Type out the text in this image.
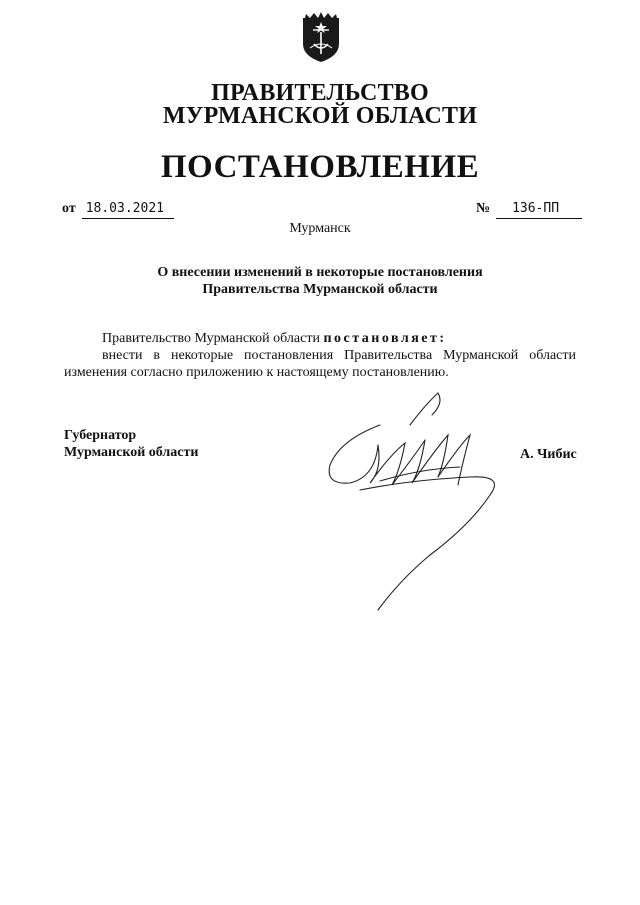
ПРАВИТЕЛЬСТВО
МУРМАНСКОЙ ОБЛАСТИ
ПОСТАНОВЛЕНИЕ
от 18.03.2021	№ 136-ПП
Мурманск
О внесении изменений в некоторые постановления
Правительства Мурманской области
Правительство Мурманской области постановляет:
внести в некоторые постановления Правительства Мурманской области изменения согласно приложению к настоящему постановлению.
Губернатор
Мурманской области	А. Чибис
